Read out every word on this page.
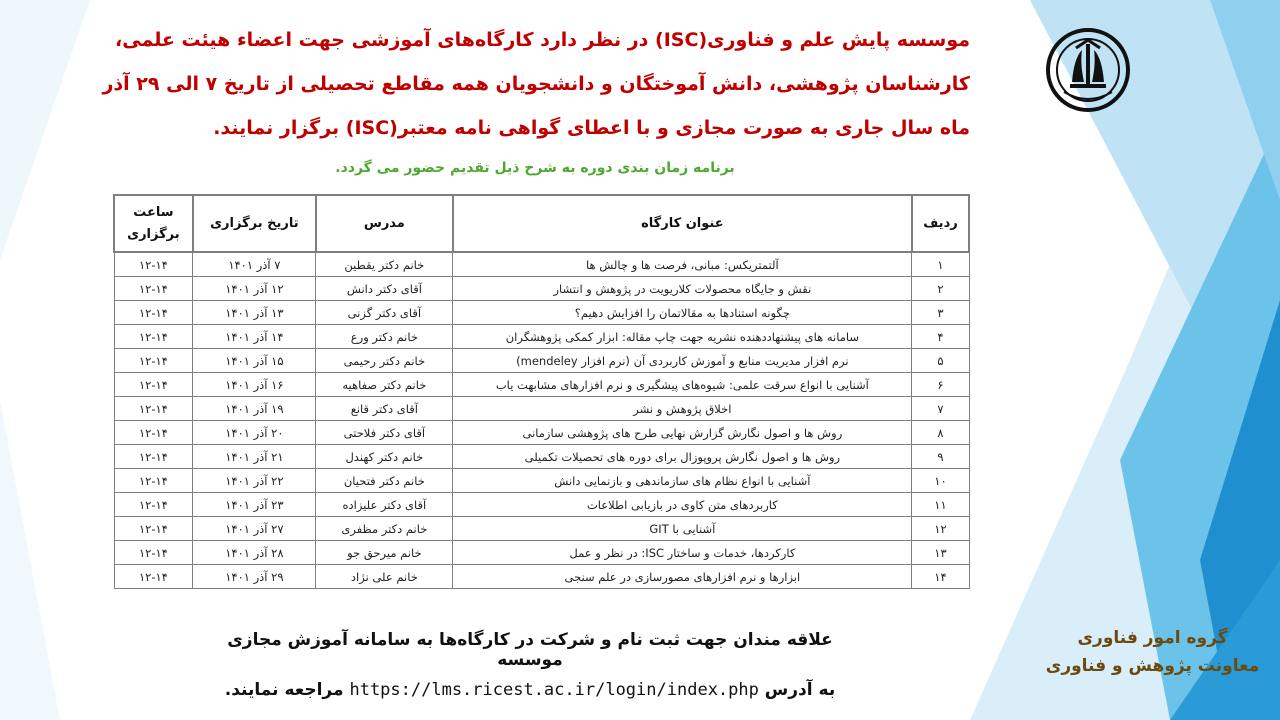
موسسه پایش علم و فناوری(ISC) در نظر دارد کارگاه‌های آموزشی جهت اعضاء هیئت علمی، کارشناسان پژوهشی، دانش آموختگان و دانشجویان همه مقاطع تحصیلی از تاریخ ۷ الی ۲۹ آذر ماه سال جاری به صورت مجازی و با اعطای گواهی نامه معتبر(ISC) برگزار نمایند.

برنامه زمان بندی دوره به شرح ذیل تقدیم حضور می گردد.
ردیف	عنوان کارگاه	مدرس	تاریخ برگزاری	ساعت برگزاری
۱	آلتمتریکس: مبانی، فرصت ها و چالش ها	خانم دکتر یقطین	۷ آذر ۱۴۰۱	۱۲-۱۴
۲	نقش و جایگاه محصولات کلاریویت در پژوهش و انتشار	آقای دکتر دانش	۱۲ آذر ۱۴۰۱	۱۲-۱۴
۳	چگونه استنادها به مقالاتمان را افزایش دهیم؟	آقای دکتر گزنی	۱۳ آذر ۱۴۰۱	۱۲-۱۴
۴	سامانه های پیشنهاددهنده نشریه جهت چاپ مقاله: ابزار کمکی پژوهشگران	خانم دکتر ورع	۱۴ آذر ۱۴۰۱	۱۲-۱۴
۵	نرم افزار مدیریت منابع و آموزش کاربردی آن (نرم افزار mendeley)	خانم دکتر رحیمی	۱۵ آذر ۱۴۰۱	۱۲-۱۴
۶	آشنایی با انواع سرقت علمی: شیوه‌های پیشگیری و نرم افزارهای مشابهت یاب	خانم دکتر صفاهیه	۱۶ آذر ۱۴۰۱	۱۲-۱۴
۷	اخلاق پژوهش و نشر	آقای دکتر قانع	۱۹ آذر ۱۴۰۱	۱۲-۱۴
۸	روش ها و اصول نگارش گزارش نهایی طرح های پژوهشی سازمانی	آقای دکتر فلاحتی	۲۰ آذر ۱۴۰۱	۱۲-۱۴
۹	روش ها و اصول نگارش پروپوزال برای دوره های تحصیلات تکمیلی	خانم دکتر کهندل	۲۱ آذر ۱۴۰۱	۱۲-۱۴
۱۰	آشنایی با انواع نظام های سازماندهی و بازنمایی دانش	خانم دکتر فتحیان	۲۲ آذر ۱۴۰۱	۱۲-۱۴
۱۱	کاربردهای متن کاوی در بازیابی اطلاعات	آقای دکتر علیزاده	۲۳ آذر ۱۴۰۱	۱۲-۱۴
۱۲	آشنایی با GIT	خانم دکتر مظفری	۲۷ آذر ۱۴۰۱	۱۲-۱۴
۱۳	کارکردها، خدمات و ساختار ISC: در نظر و عمل	خانم میرحق جو	۲۸ آذر ۱۴۰۱	۱۲-۱۴
۱۴	ابزارها و نرم افزارهای مصورسازی در علم سنجی	خانم علی نژاد	۲۹ آذر ۱۴۰۱	۱۲-۱۴
علاقه مندان جهت ثبت نام و شرکت در کارگاه‌ها به سامانه آموزش مجازی موسسه
به آدرس https://lms.ricest.ac.ir/login/index.php مراجعه نمایند.
گروه امور فناوری
معاونت پژوهش و فناوری
